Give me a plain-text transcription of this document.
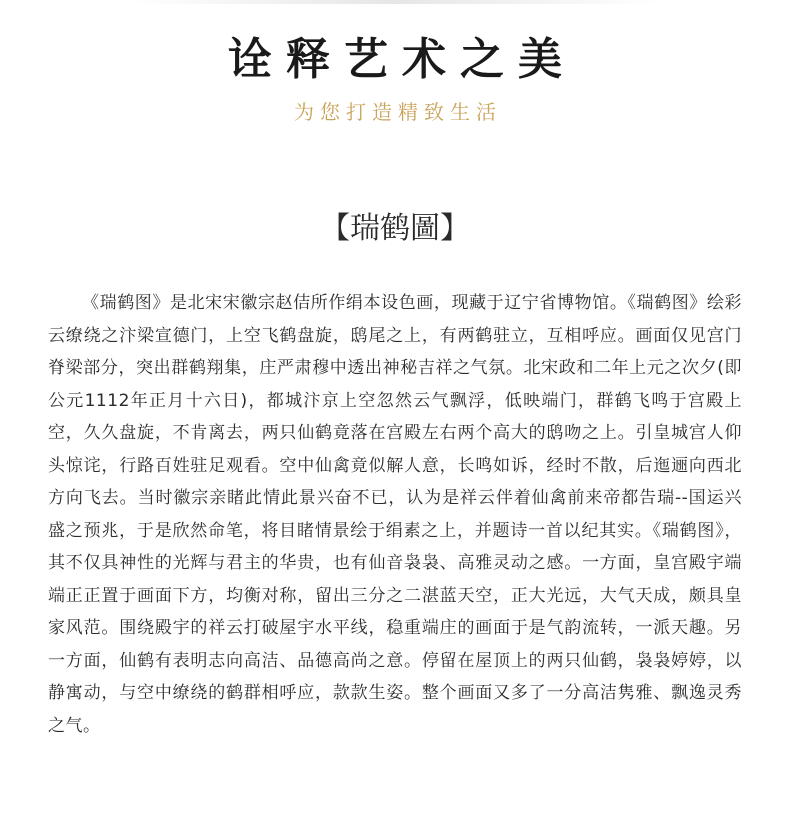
诠释艺术之美
为您打造精致生活
【瑞鹤圖】

《瑞鹤图》是北宋宋徽宗赵佶所作绢本设色画，现藏于辽宁省博物馆。《瑞鹤图》绘彩云缭绕之汴梁宣德门，上空飞鹤盘旋，鸱尾之上，有两鹤驻立，互相呼应。画面仅见宫门脊梁部分，突出群鹤翔集，庄严肃穆中透出神秘吉祥之气氛。北宋政和二年上元之次夕(即公元1112年正月十六日)，都城汴京上空忽然云气飘浮，低映端门，群鹤飞鸣于宫殿上空，久久盘旋，不肯离去，两只仙鹤竟落在宫殿左右两个高大的鸱吻之上。引皇城宫人仰头惊诧，行路百姓驻足观看。空中仙禽竟似解人意，长鸣如诉，经时不散，后迤逦向西北方向飞去。当时徽宗亲睹此情此景兴奋不已，认为是祥云伴着仙禽前来帝都告瑞--国运兴盛之预兆，于是欣然命笔，将目睹情景绘于绢素之上，并题诗一首以纪其实。《瑞鹤图》，其不仅具神性的光辉与君主的华贵，也有仙音袅袅、高雅灵动之感。一方面，皇宫殿宇端端正正置于画面下方，均衡对称，留出三分之二湛蓝天空，正大光远，大气天成，颇具皇家风范。围绕殿宇的祥云打破屋宇水平线，稳重端庄的画面于是气韵流转，一派天趣。另一方面，仙鹤有表明志向高洁、品德高尚之意。停留在屋顶上的两只仙鹤，袅袅婷婷，以静寓动，与空中缭绕的鹤群相呼应，款款生姿。整个画面又多了一分高洁隽雅、飘逸灵秀之气。
